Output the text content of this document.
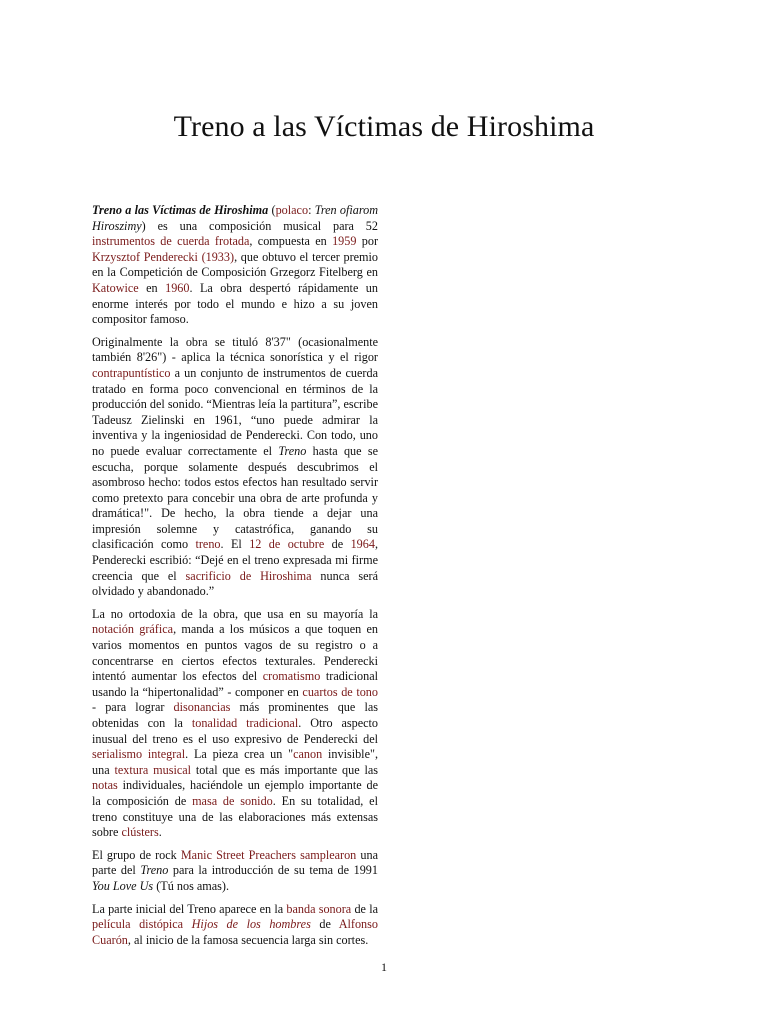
Treno a las Víctimas de Hiroshima

Treno a las Víctimas de Hiroshima (polaco: Tren ofiarom Hiroszimy) es una composición musical para 52 instrumentos de cuerda frotada, compuesta en 1959 por Krzysztof Penderecki (1933), que obtuvo el tercer premio en la Competición de Composición Grzegorz Fitelberg en Katowice en 1960. La obra despertó rápidamente un enorme interés por todo el mundo e hizo a su joven compositor famoso.

Originalmente la obra se tituló 8'37" (ocasionalmente también 8'26") - aplica la técnica sonorística y el rigor contrapuntístico a un conjunto de instrumentos de cuerda tratado en forma poco convencional en términos de la producción del sonido. “Mientras leía la partitura”, escribe Tadeusz Zielinski en 1961, “uno puede admirar la inventiva y la ingeniosidad de Penderecki. Con todo, uno no puede evaluar correctamente el Treno hasta que se escucha, porque solamente después descubrimos el asombroso hecho: todos estos efectos han resultado servir como pretexto para concebir una obra de arte profunda y dramática!". De hecho, la obra tiende a dejar una impresión solemne y catastrófica, ganando su clasificación como treno. El 12 de octubre de 1964, Penderecki escribió: “Dejé en el treno expresada mi firme creencia que el sacrificio de Hiroshima nunca será olvidado y abandonado.”

La no ortodoxia de la obra, que usa en su mayoría la notación gráfica, manda a los músicos a que toquen en varios momentos en puntos vagos de su registro o a concentrarse en ciertos efectos texturales. Penderecki intentó aumentar los efectos del cromatismo tradicional usando la “hipertonalidad” - componer en cuartos de tono - para lograr disonancias más prominentes que las obtenidas con la tonalidad tradicional. Otro aspecto inusual del treno es el uso expresivo de Penderecki del serialismo integral. La pieza crea un "canon invisible", una textura musical total que es más importante que las notas individuales, haciéndole un ejemplo importante de la composición de masa de sonido. En su totalidad, el treno constituye una de las elaboraciones más extensas sobre clústers.

El grupo de rock Manic Street Preachers samplearon una parte del Treno para la introducción de su tema de 1991 You Love Us (Tú nos amas).

La parte inicial del Treno aparece en la banda sonora de la película distópica Hijos de los hombres de Alfonso Cuarón, al inicio de la famosa secuencia larga sin cortes.

1
